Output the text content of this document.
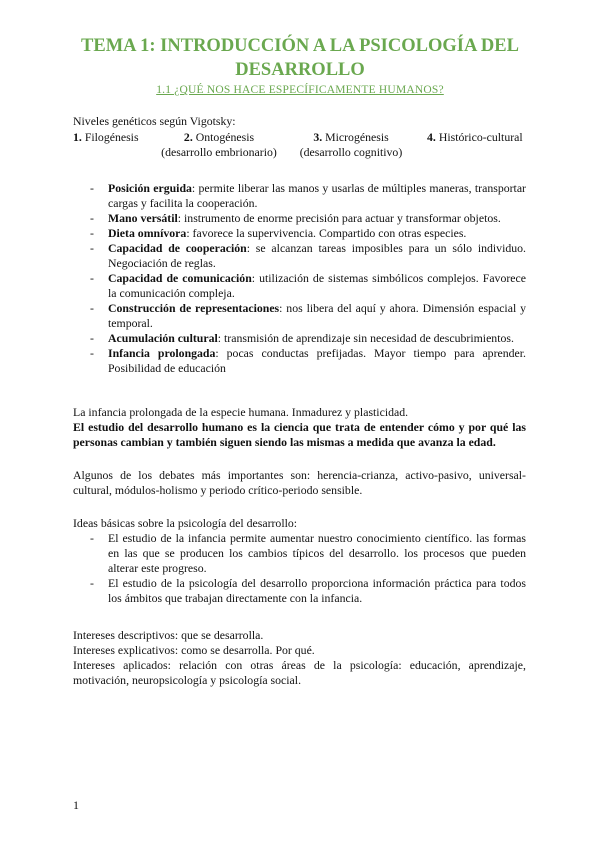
TEMA 1: INTRODUCCIÓN A LA PSICOLOGÍA DEL DESARROLLO
1.1 ¿QUÉ NOS HACE ESPECÍFICAMENTE HUMANOS?
Niveles genéticos según Vigotsky:
1. Filogénesis	2. Ontogénesis
(desarrollo embrionario)
3. Microgénesis
(desarrollo cognitivo)
4. Histórico-cultural
- Posición erguida: permite liberar las manos y usarlas de múltiples maneras, transportar cargas y facilita la cooperación.
- Mano versátil: instrumento de enorme precisión para actuar y transformar objetos.
- Dieta omnívora: favorece la supervivencia. Compartido con otras especies.
- Capacidad de cooperación: se alcanzan tareas imposibles para un sólo individuo. Negociación de reglas.
- Capacidad de comunicación: utilización de sistemas simbólicos complejos. Favorece la comunicación compleja.
- Construcción de representaciones: nos libera del aquí y ahora. Dimensión espacial y temporal.
- Acumulación cultural: transmisión de aprendizaje sin necesidad de descubrimientos.
- Infancia prolongada: pocas conductas prefijadas. Mayor tiempo para aprender. Posibilidad de educación
La infancia prolongada de la especie humana. Inmadurez y plasticidad.
El estudio del desarrollo humano es la ciencia que trata de entender cómo y por qué las personas cambian y también siguen siendo las mismas a medida que avanza la edad.
Algunos de los debates más importantes son: herencia-crianza, activo-pasivo, universal-cultural, módulos-holismo y periodo crítico-periodo sensible.
Ideas básicas sobre la psicología del desarrollo:
- El estudio de la infancia permite aumentar nuestro conocimiento científico. las formas en las que se producen los cambios típicos del desarrollo. los procesos que pueden alterar este progreso.
- El estudio de la psicología del desarrollo proporciona información práctica para todos los ámbitos que trabajan directamente con la infancia.
Intereses descriptivos: que se desarrolla.
Intereses explicativos: como se desarrolla. Por qué.
Intereses aplicados: relación con otras áreas de la psicología: educación, aprendizaje, motivación, neuropsicología y psicología social.
1
